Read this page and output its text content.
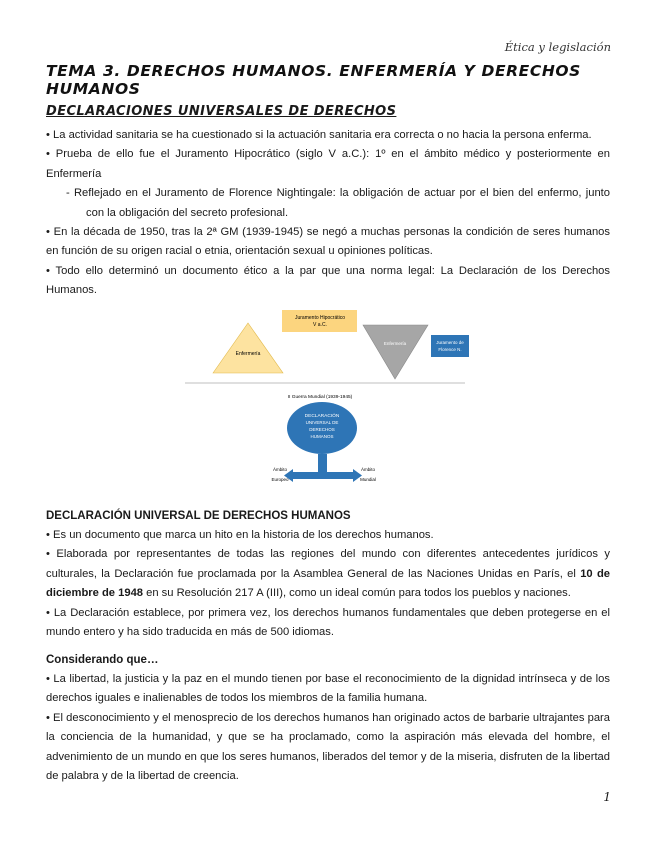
Ética y legislación
TEMA 3. DERECHOS HUMANOS. ENFERMERÍA Y DERECHOS HUMANOS
DECLARACIONES UNIVERSALES DE DERECHOS

• La actividad sanitaria se ha cuestionado si la actuación sanitaria era correcta o no hacia la persona enferma.

• Prueba de ello fue el Juramento Hipocrático (siglo V a.C.): 1º en el ámbito médico y posteriormente en Enfermería

- Reflejado en el Juramento de Florence Nightingale: la obligación de actuar por el bien del enfermo, junto con la obligación del secreto profesional.

• En la década de 1950, tras la 2ª GM (1939-1945) se negó a muchas personas la condición de seres humanos en función de su origen racial o etnia, orientación sexual u opiniones políticas.

• Todo ello determinó un documento ético a la par que una norma legal: La Declaración de los Derechos Humanos.

Enfermería
Juramento Hipocrático
V a.C.
Enfermería	Juramento de
Florence N.
II Guerra Mundial (1939-1945)
DECLARACIÓN
UNIVERSAL DE
DERECHOS
HUMANOS
Ámbito
Europeo
Ámbito
Mundial
DECLARACIÓN UNIVERSAL DE DERECHOS HUMANOS

• Es un documento que marca un hito en la historia de los derechos humanos.

• Elaborada por representantes de todas las regiones del mundo con diferentes antecedentes jurídicos y culturales, la Declaración fue proclamada por la Asamblea General de las Naciones Unidas en París, el 10 de diciembre de 1948 en su Resolución 217 A (III), como un ideal común para todos los pueblos y naciones.

• La Declaración establece, por primera vez, los derechos humanos fundamentales que deben protegerse en el mundo entero y ha sido traducida en más de 500 idiomas.

Considerando que…

• La libertad, la justicia y la paz en el mundo tienen por base el reconocimiento de la dignidad intrínseca y de los derechos iguales e inalienables de todos los miembros de la familia humana.

• El desconocimiento y el menosprecio de los derechos humanos han originado actos de barbarie ultrajantes para la conciencia de la humanidad, y que se ha proclamado, como la aspiración más elevada del hombre, el advenimiento de un mundo en que los seres humanos, liberados del temor y de la miseria, disfruten de la libertad de palabra y de la libertad de creencia.

1
